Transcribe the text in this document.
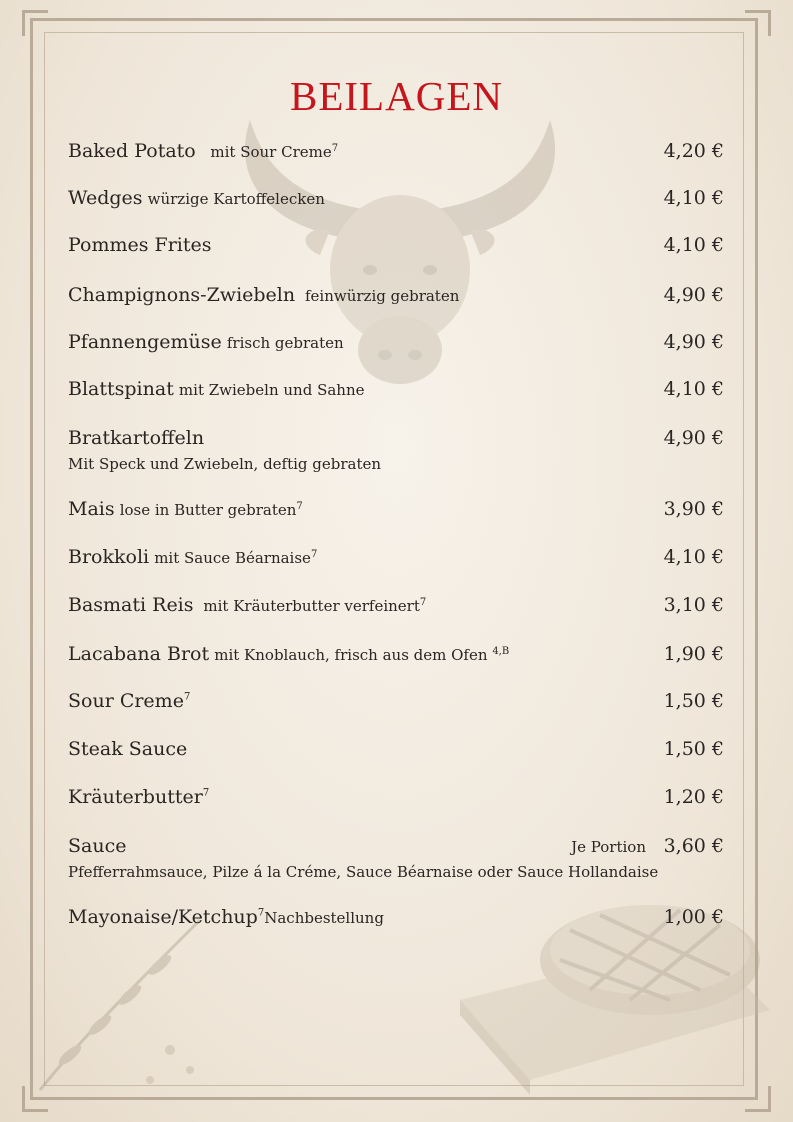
BEILAGEN
Baked Potato mit Sour Creme$^7$	4,20 €
Wedges würzige Kartoffelecken	4,10 €
Pommes Frites	4,10 €
Champignons-Zwiebeln feinwürzig gebraten	4,90 €
Pfannengemüse frisch gebraten	4,90 €
Blattspinat mit Zwiebeln und Sahne	4,10 €
Bratkartoffeln	4,90 €
Mit Speck und Zwiebeln, deftig gebraten
Mais lose in Butter gebraten$^7$	3,90 €
Brokkoli mit Sauce Béarnaise$^7$	4,10 €
Basmati Reis mit Kräuterbutter verfeinert$^7$	3,10 €
Lacabana Brot mit Knoblauch, frisch aus dem Ofen $^{4,B}$	1,90 €
Sour Creme$^7$	1,50 €
Steak Sauce	1,50 €
Kräuterbutter$^7$	1,20 €
Sauce	Je Portion 3,60 €
Pfefferrahmsauce, Pilze á la Créme, Sauce Béarnaise oder Sauce Hollandaise
Mayonaise/Ketchup$^7$Nachbestellung	1,00 €
